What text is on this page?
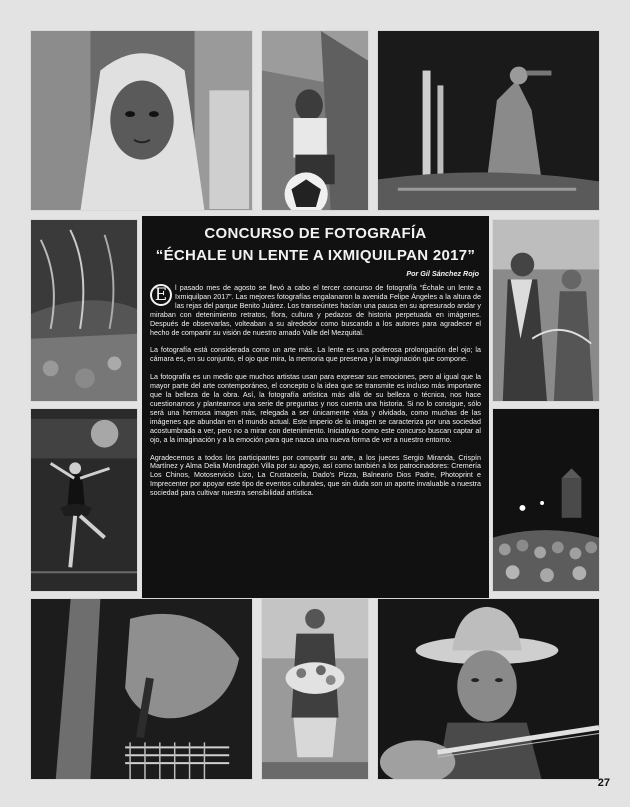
CONCURSO DE FOTOGRAFÍA
“ÉCHALE UN LENTE A IXMIQUILPAN 2017”
Por Gil Sánchez Rojo

E	l pasado mes de agosto se llevó a cabo el tercer concurso de fotografía “Échale un lente a Ixmiquilpan 2017”. Las mejores fotografías engalanaron la avenida Felipe Ángeles a la altura de las rejas del parque Benito Juárez. Los transeúntes hacían una pausa en su apresurado andar y miraban con detenimiento retratos, flora, cultura y pedazos de historia perpetuada en imágenes. Después de observarlas, volteaban a su alrededor como buscando a los autores para agradecer el hecho de compartir su visión de nuestro amado Valle del Mezquital.

La fotografía está considerada como un arte más. La lente es una poderosa prolongación del ojo; la cámara es, en su conjunto, el ojo que mira, la memoria que preserva y la imaginación que compone.

La fotografía es un medio que muchos artistas usan para expresar sus emociones, pero al igual que la mayor parte del arte contemporáneo, el concepto o la idea que se transmite es incluso más importante que la belleza de la obra. Así, la fotografía artística más allá de su belleza o técnica, nos hace cuestionarnos y plantearnos una serie de preguntas y nos cuenta una historia. Si no lo consigue, sólo será una hermosa imagen más, relegada a ser únicamente vista y olvidada, como muchas de las imágenes que abundan en el mundo actual. Este imperio de la imagen se caracteriza por una sociedad acostumbrada a ver, pero no a mirar con detenimiento. Iniciativas como este concurso buscan captar al ojo, a la imaginación y a la emoción para que nazca una nueva forma de ver a nuestro entorno.

Agradecemos a todos los participantes por compartir su arte, a los jueces Sergio Miranda, Crispín Martínez y Alma Delia Mondragón Villa por su apoyo, así como también a los patrocinadores: Cremería Los Chinos, Motoservicio Lizo, La Crustacería, Dado's Pizza, Balneario Dios Padre, Photoprint e Imprecenter por apoyar este tipo de eventos culturales, que sin duda son un aporte invaluable a nuestra sociedad para cultivar nuestra sensibilidad artística.

27
